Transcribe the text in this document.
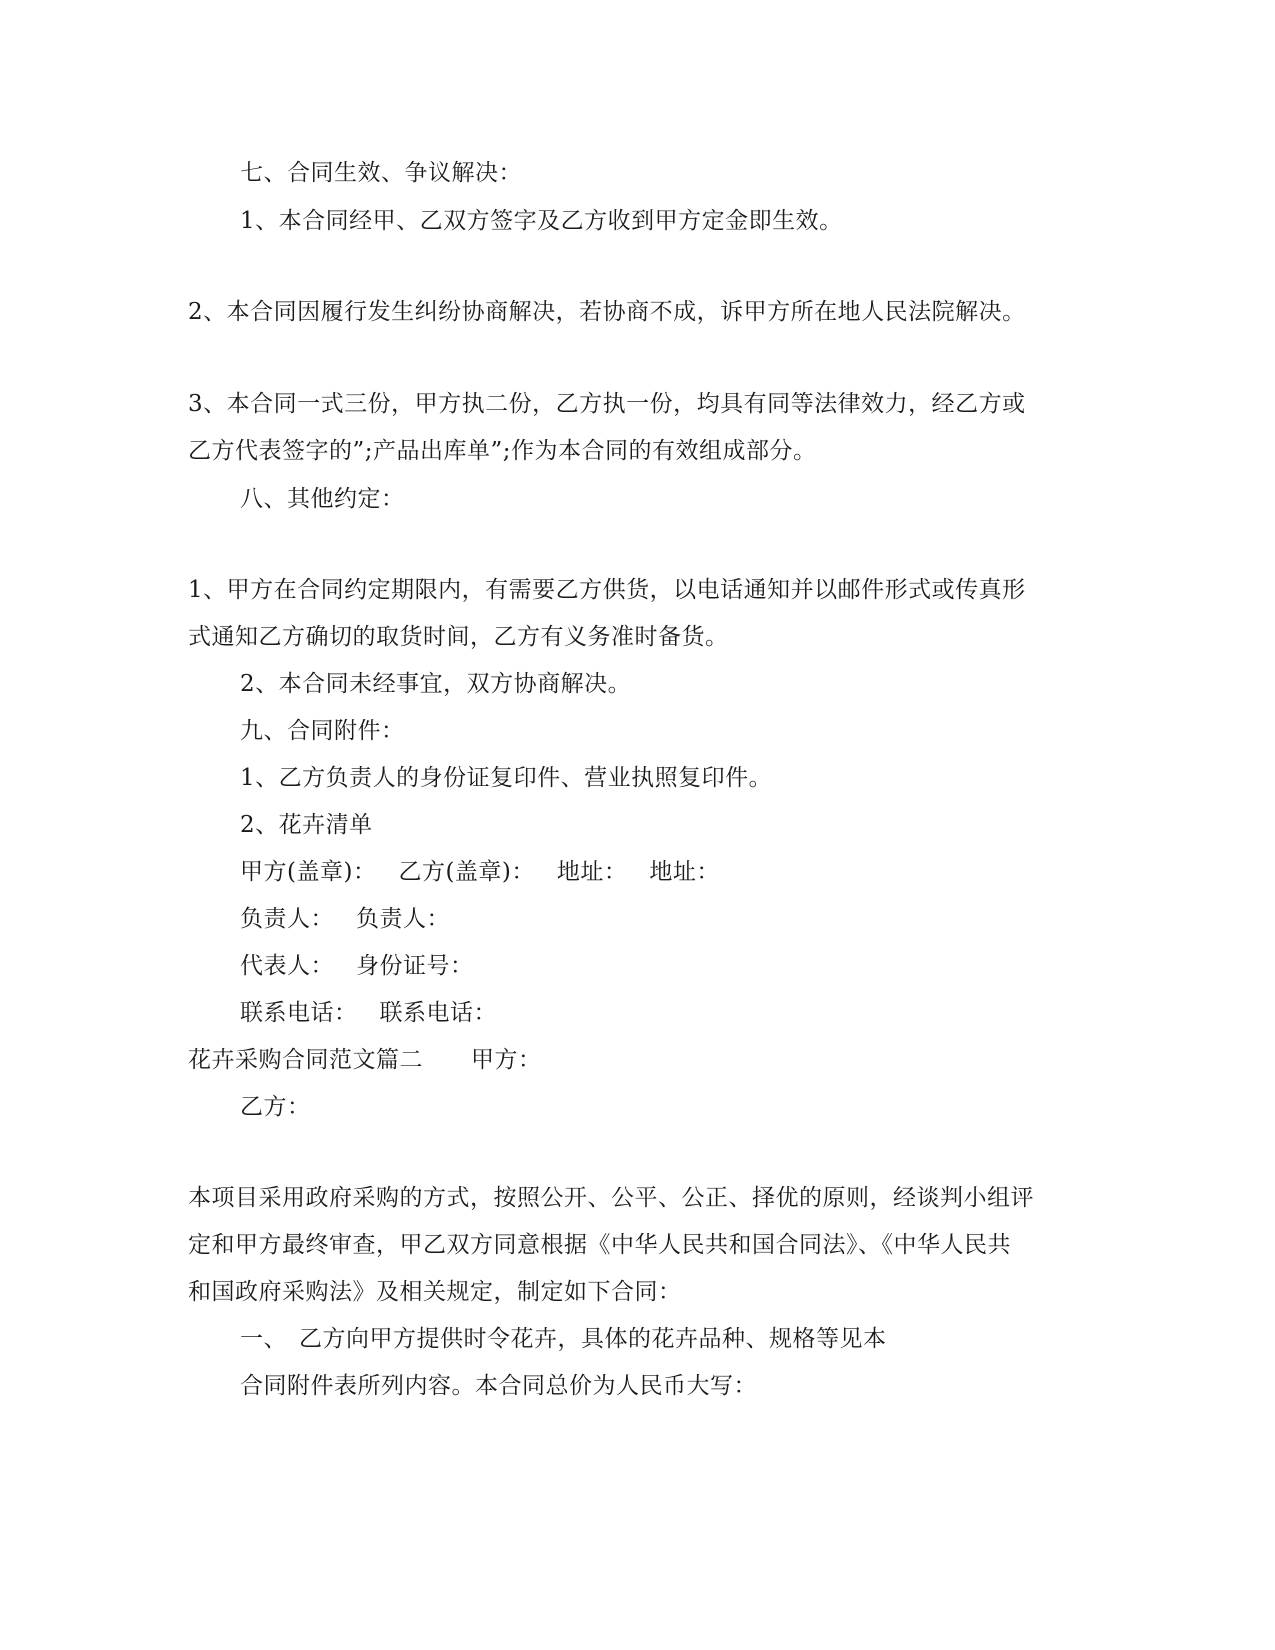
七、合同生效、争议解决：
1、本合同经甲、乙双方签字及乙方收到甲方定金即生效。
2、本合同因履行发生纠纷协商解决，若协商不成，诉甲方所在地人民法院解决。
3、本合同一式三份，甲方执二份，乙方执一份，均具有同等法律效力，经乙方或
乙方代表签字的”;产品出库单”;作为本合同的有效组成部分。
八、其他约定：
1、甲方在合同约定期限内，有需要乙方供货，以电话通知并以邮件形式或传真形
式通知乙方确切的取货时间，乙方有义务准时备货。
2、本合同未经事宜，双方协商解决。
九、合同附件：
1、乙方负责人的身份证复印件、营业执照复印件。
2、花卉清单
甲方(盖章)： 乙方(盖章)： 地址： 地址：
负责人： 负责人：
代表人： 身份证号：
联系电话： 联系电话：
花卉采购合同范文篇二 甲方：
乙方：
本项目采用政府采购的方式，按照公开、公平、公正、择优的原则，经谈判小组评
定和甲方最终审查，甲乙双方同意根据《中华人民共和国合同法》、《中华人民共
和国政府采购法》及相关规定，制定如下合同：
一、 乙方向甲方提供时令花卉，具体的花卉品种、规格等见本
合同附件表所列内容。本合同总价为人民币大写：
